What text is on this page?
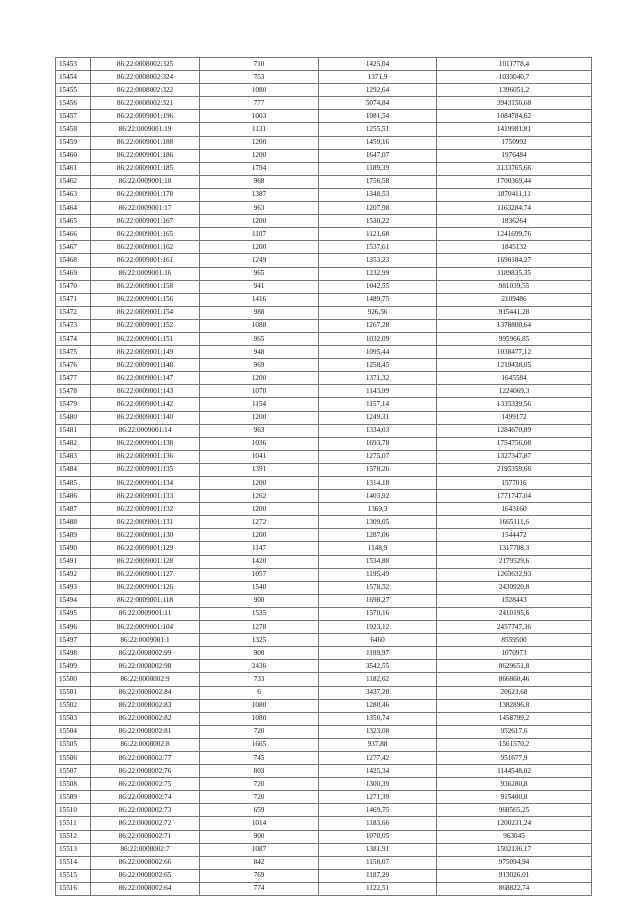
15453	86:22:0008002:325	710	1425,04	1011778,4
15454	86:22:0008002:324	753	1371,9	1033040,7
15455	86:22:0008002:322	1080	1292,64	1396051,2
15456	86:22:0008002:321	777	5074,84	3943150,68
15457	86:22:0009001:196	1003	1081,54	1084784,62
15458	86:22:0009001:19	1131	1255,51	1419981,81
15459	86:22:0009001:188	1200	1459,16	1750992
15460	86:22:0009001:186	1200	1647,07	1976484
15461	86:22:0009001:185	1794	1189,39	2133765,66
15462	86:22:0009001:18	968	1756,58	1700369,44
15463	86:22:0009001:178	1387	1348,53	1870411,11
15464	86:22:0009001:17	963	1207,98	1163284,74
15465	86:22:0009001:167	1200	1530,22	1836264
15466	86:22:0009001:165	1107	1121,68	1241699,76
15467	86:22:0009001:162	1200	1537,61	1845132
15468	86:22:0009001:161	1249	1353,23	1690184,27
15469	86:22:0009001:16	965	1232,99	1189835,35
15470	86:22:0009001:158	941	1042,55	981039,55
15471	86:22:0009001:156	1416	1489,75	2109486
15472	86:22:0009001:154	988	926,56	915441,28
15473	86:22:0009001:152	1088	1267,28	1378800,64
15474	86:22:0009001:151	965	1032,09	995966,85
15475	86:22:0009001:149	948	1095,44	1038477,12
15476	86:22:0009001:148	969	1258,45	1219438,05
15477	86:22:0009001:147	1200	1371,32	1645584
15478	86:22:0009001:143	1070	1143,99	1224069,3
15479	86:22:0009001:142	1154	1157,14	1335339,56
15480	86:22:0009001:140	1200	1249,31	1499172
15481	86:22:0009001:14	963	1334,03	1284670,89
15482	86:22:0009001:138	1036	1693,78	1754756,08
15483	86:22:0009001:136	1041	1275,07	1327347,87
15484	86:22:0009001:135	1391	1578,26	2195359,66
15485	86:22:0009001:134	1200	1314,18	1577016
15486	86:22:0009001:133	1262	1403,92	1771747,04
15487	86:22:0009001:132	1200	1369,3	1643160
15488	86:22:0009001:131	1272	1309,05	1665111,6
15489	86:22:0009001:130	1200	1287,06	1544472
15490	86:22:0009001:129	1147	1148,9	1317788,3
15491	86:22:0009001:128	1420	1534,88	2179529,6
15492	86:22:0009001:127	1057	1195,49	1263632,93
15493	86:22:0009001:126	1540	1578,52	2430920,8
15494	86:22:0009001:118	900	1698,27	1528443
15495	86:22:0009001:11	1535	1570,16	2410195,6
15496	86:22:0009001:104	1278	1923,12	2457747,36
15497	86:22:0009001:1	1325	6460	8559500
15498	86:22:0008002:99	900	1189,97	1070973
15499	86:22:0008002:98	2436	3542,55	8629651,8
15500	86:22:0008002:9	733	1182,62	866860,46
15501	86:22:0008002:84	6	3437,28	20623,68
15502	86:22:0008002:83	1080	1280,46	1382896,8
15503	86:22:0008002:82	1080	1350,74	1458799,2
15504	86:22:0008002:81	720	1323,08	952617,6
15505	86:22:0008002:8	1665	937,88	1561570,2
15506	86:22:0008002:77	745	1277,42	951677,9
15507	86:22:0008002:76	803	1425,34	1144548,02
15508	86:22:0008002:75	720	1300,39	936280,8
15509	86:22:0008002:74	720	1271,39	915400,8
15510	86:22:0008002:73	659	1469,75	968565,25
15511	86:22:0008002:72	1014	1183,66	1200231,24
15512	86:22:0008002:71	900	1070,05	963045
15513	86:22:0008002:7	1087	1381,91	1502136,17
15514	86:22:0008002:66	842	1158,07	975094,94
15515	86:22:0008002:65	769	1187,29	913026,01
15516	86:22:0008002:64	774	1122,51	868822,74
